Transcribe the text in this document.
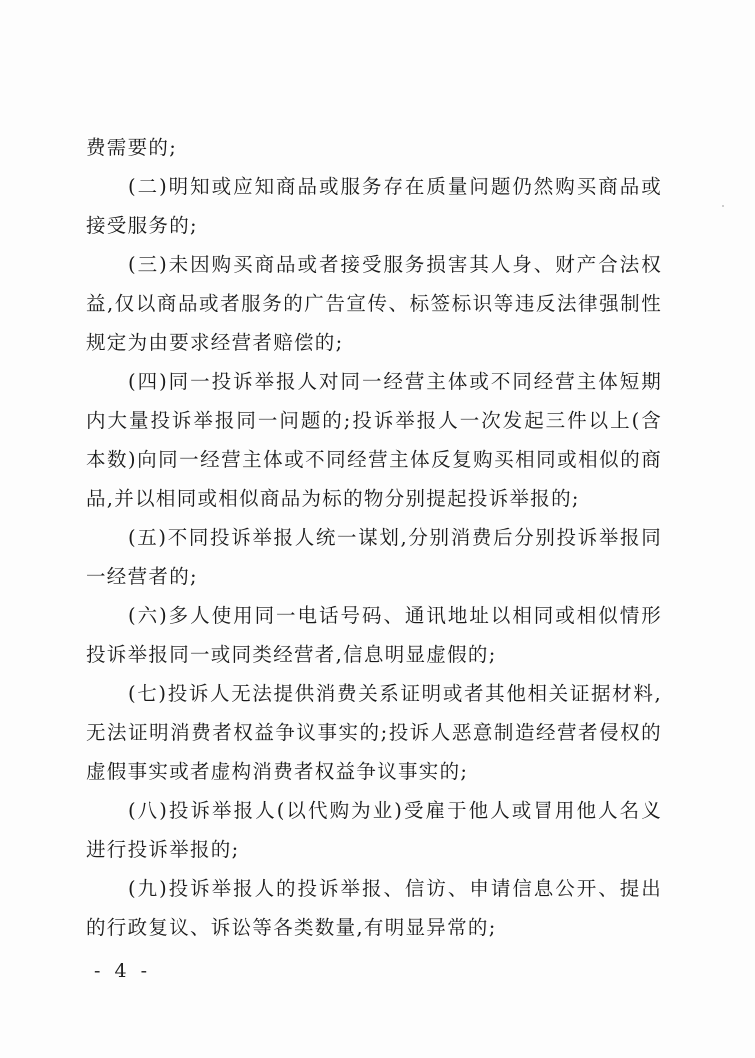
费需要的;

(二)明知或应知商品或服务存在质量问题仍然购买商品或接受服务的;

(三)未因购买商品或者接受服务损害其人身、财产合法权益,仅以商品或者服务的广告宣传、标签标识等违反法律强制性规定为由要求经营者赔偿的;

(四)同一投诉举报人对同一经营主体或不同经营主体短期内大量投诉举报同一问题的;投诉举报人一次发起三件以上(含本数)向同一经营主体或不同经营主体反复购买相同或相似的商品,并以相同或相似商品为标的物分别提起投诉举报的;

(五)不同投诉举报人统一谋划,分别消费后分别投诉举报同一经营者的;

(六)多人使用同一电话号码、通讯地址以相同或相似情形投诉举报同一或同类经营者,信息明显虚假的;

(七)投诉人无法提供消费关系证明或者其他相关证据材料,无法证明消费者权益争议事实的;投诉人恶意制造经营者侵权的虚假事实或者虚构消费者权益争议事实的;

(八)投诉举报人(以代购为业)受雇于他人或冒用他人名义进行投诉举报的;

(九)投诉举报人的投诉举报、信访、申请信息公开、提出的行政复议、诉讼等各类数量,有明显异常的;

- 4 -
